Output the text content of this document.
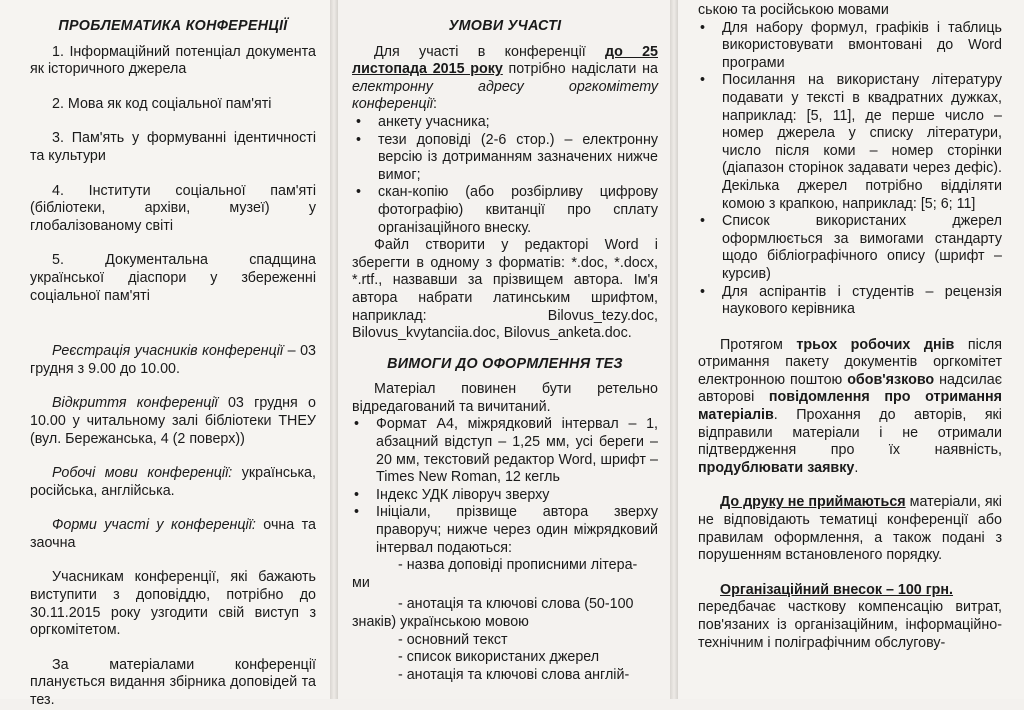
ПРОБЛЕМАТИКА КОНФЕРЕНЦІЇ

1. Інформаційний потенціал документа як історичного джерела

2. Мова як код соціальної пам'яті

3. Пам'ять у формуванні ідентичності та культури

4. Інститути соціальної пам'яті (бібліотеки, архіви, музеї) у глобалізованому світі

5. Документальна спадщина української діаспори у збереженні соціальної пам'яті

Реєстрація учасників конференції – 03 грудня з 9.00 до 10.00.

Відкриття конференції 03 грудня о 10.00 у читальному залі бібліотеки ТНЕУ (вул. Бережанська, 4 (2 поверх))

Робочі мови конференції: українська, російська, англійська.

Форми участі у конференції: очна та заочна

Учасникам конференції, які бажають виступити з доповіддю, потрібно до 30.11.2015 року узгодити свій виступ з оргкомітетом.

За матеріалами конференції планується видання збірника доповідей та тез.

УМОВИ УЧАСТІ

Для участі в конференції до 25 листопада 2015 року потрібно надіслати на електронну адресу оргкомітету конференції:

• анкету учасника;
• тези доповіді (2-6 стор.) – електронну версію із дотриманням зазначених нижче вимог;
• скан-копію (або розбірливу цифрову фотографію) квитанції про сплату організаційного внеску.

Файл створити у редакторі Word і зберегти в одному з форматів: *.doc, *.docx, *.rtf., назвавши за прізвищем автора. Ім'я автора набрати латинським шрифтом, наприклад: Bilovus_tezy.doc, Bilovus_kvytanciia.doc, Bilovus_anketa.doc.

ВИМОГИ ДО ОФОРМЛЕННЯ ТЕЗ

Матеріал повинен бути ретельно відредагований та вичитаний.

• Формат А4, міжрядковий інтервал – 1, абзацний відступ – 1,25 мм, усі береги – 20 мм, текстовий редактор Word, шрифт – Times New Roman, 12 кегль
• Індекс УДК ліворуч зверху
• Ініціали, прізвище автора зверху праворуч; нижче через один міжрядковий інтервал подаються:

- назва доповіді прописними літера-

ми

- анотація та ключові слова (50-100

знаків) українською мовою

- основний текст

- список використаних джерел

- анотація та ключові слова англій-

ською та російською мовами

• Для набору формул, графіків і таблиць використовувати вмонтовані до Word програми
• Посилання на використану літературу подавати у тексті в квадратних дужках, наприклад: [5, 11], де перше число – номер джерела у списку літератури, число після коми – номер сторінки (діапазон сторінок задавати через дефіс). Декілька джерел потрібно відділяти комою з крапкою, наприклад: [5; 6; 11]
• Список використаних джерел оформлюється за вимогами стандарту щодо бібліографічного опису (шрифт – курсив)
• Для аспірантів і студентів – рецензія наукового керівника

Протягом трьох робочих днів після отримання пакету документів оргкомітет електронною поштою обов'язково надсилає авторові повідомлення про отримання матеріалів. Прохання до авторів, які відправили матеріали і не отримали підтвердження про їх наявність, продублювати заявку.

До друку не приймаються матеріали, які не відповідають тематиці конференції або правилам оформлення, а також подані з порушенням встановленого порядку.

Організаційний внесок – 100 грн.

передбачає часткову компенсацію витрат, пов'язаних із організаційним, інформаційно-технічним і поліграфічним обслугову-
